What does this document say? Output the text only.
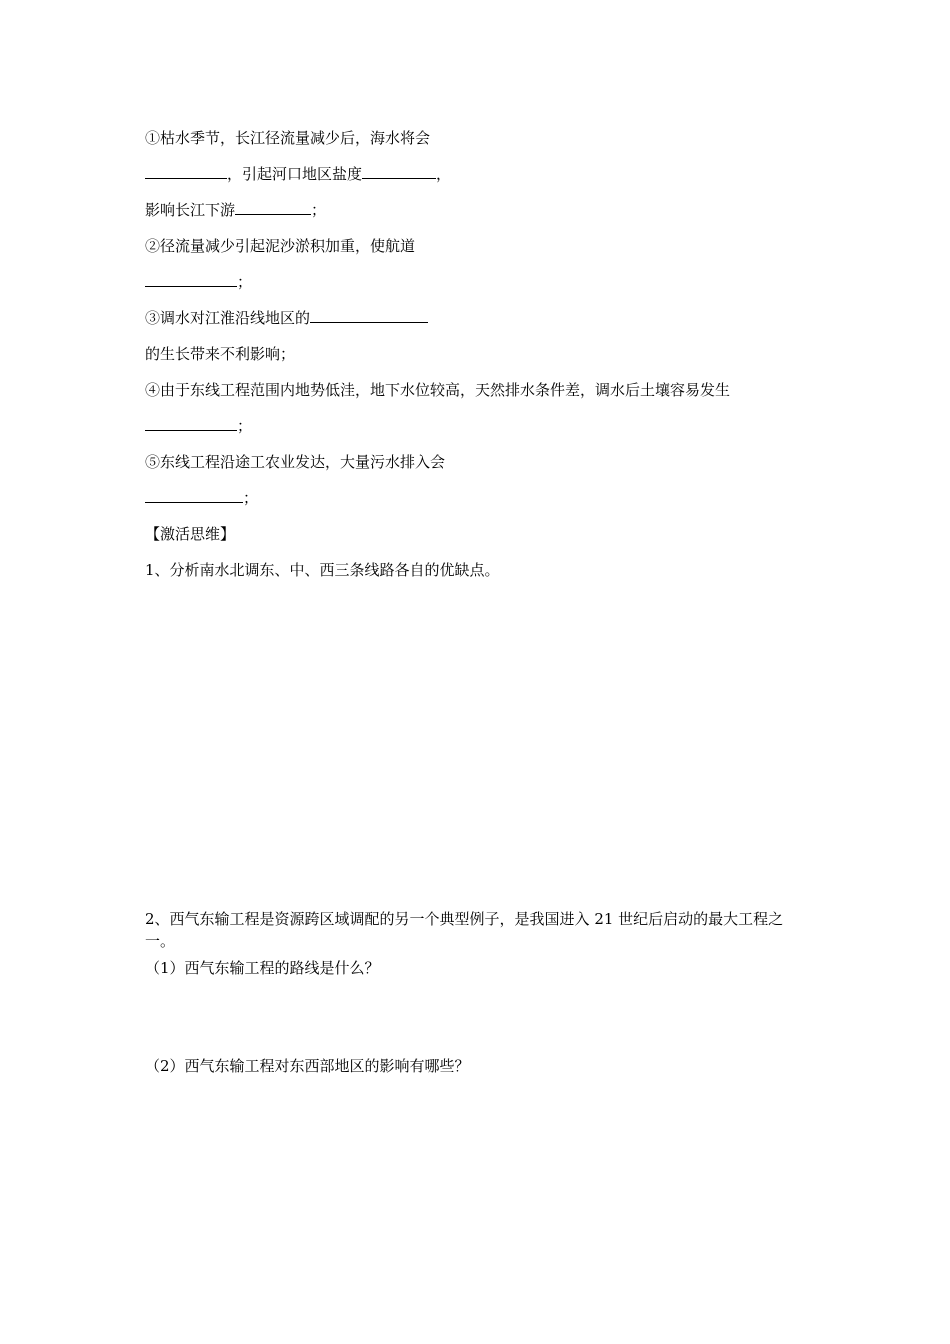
①枯水季节，长江径流量减少后，海水将会
，引起河口地区盐度	，
影响长江下游	；
②径流量减少引起泥沙淤积加重，使航道
；
③调水对江淮沿线地区的
的生长带来不利影响；
④由于东线工程范围内地势低洼，地下水位较高，天然排水条件差，调水后土壤容易发生
；
⑤东线工程沿途工农业发达，大量污水排入会
；
【激活思维】
1、分析南水北调东、中、西三条线路各自的优缺点。
2、西气东输工程是资源跨区域调配的另一个典型例子，是我国进入 21 世纪后启动的最大工程之一。
（1）西气东输工程的路线是什么？
（2）西气东输工程对东西部地区的影响有哪些？
